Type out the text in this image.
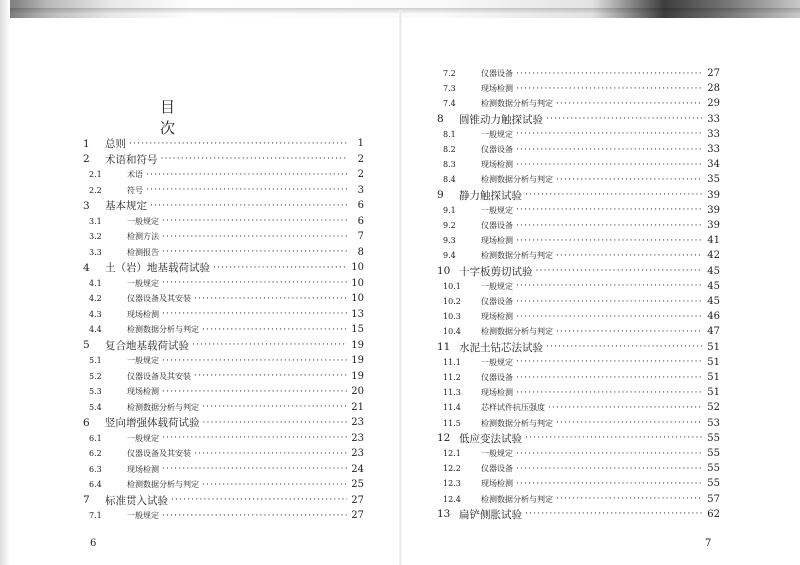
目　次
1	总则 ·····	1
2	术语和符号 ·····	2
2.1	术语 ·····	2
2.2	符号 ·····	3
3	基本规定 ·····	6
3.1	一般规定 ·····	6
3.2	检测方法 ·····	7
3.3	检测报告 ·····	8
4	土（岩）地基载荷试验 ·····	10
4.1	一般规定 ·····	10
4.2	仪器设备及其安装 ·····	10
4.3	现场检测 ·····	13
4.4	检测数据分析与判定 ·····	15
5	复合地基载荷试验 ·····	19
5.1	一般规定 ·····	19
5.2	仪器设备及其安装 ·····	19
5.3	现场检测 ·····	20
5.4	检测数据分析与判定 ·····	21
6	竖向增强体载荷试验 ·····	23
6.1	一般规定 ·····	23
6.2	仪器设备及其安装 ·····	23
6.3	现场检测 ·····	24
6.4	检测数据分析与判定 ·····	25
7	标准贯入试验 ·····	27
7.1	一般规定 ·····	27
6
7.2	仪器设备 ·····	27
7.3	现场检测 ·····	28
7.4	检测数据分析与判定 ·····	29
8	圆锥动力触探试验 ·····	33
8.1	一般规定 ·····	33
8.2	仪器设备 ·····	33
8.3	现场检测 ·····	34
8.4	检测数据分析与判定 ·····	35
9	静力触探试验 ·····	39
9.1	一般规定 ·····	39
9.2	仪器设备 ·····	39
9.3	现场检测 ·····	41
9.4	检测数据分析与判定 ·····	42
10 十字板剪切试验 ·····	45
10.1	一般规定 ·····	45
10.2	仪器设备 ·····	45
10.3	现场检测 ·····	46
10.4	检测数据分析与判定 ·····	47
11 水泥土钻芯法试验 ·····	51
11.1	一般规定 ·····	51
11.2	仪器设备 ·····	51
11.3	现场检测 ·····	51
11.4	芯样试件抗压强度 ·····	52
11.5	检测数据分析与判定 ·····	53
12 低应变法试验 ·····	55
12.1	一般规定 ·····	55
12.2	仪器设备 ·····	55
12.3	现场检测 ·····	55
12.4	检测数据分析与判定 ·····	57
13 扁铲侧胀试验 ·····	62
7
